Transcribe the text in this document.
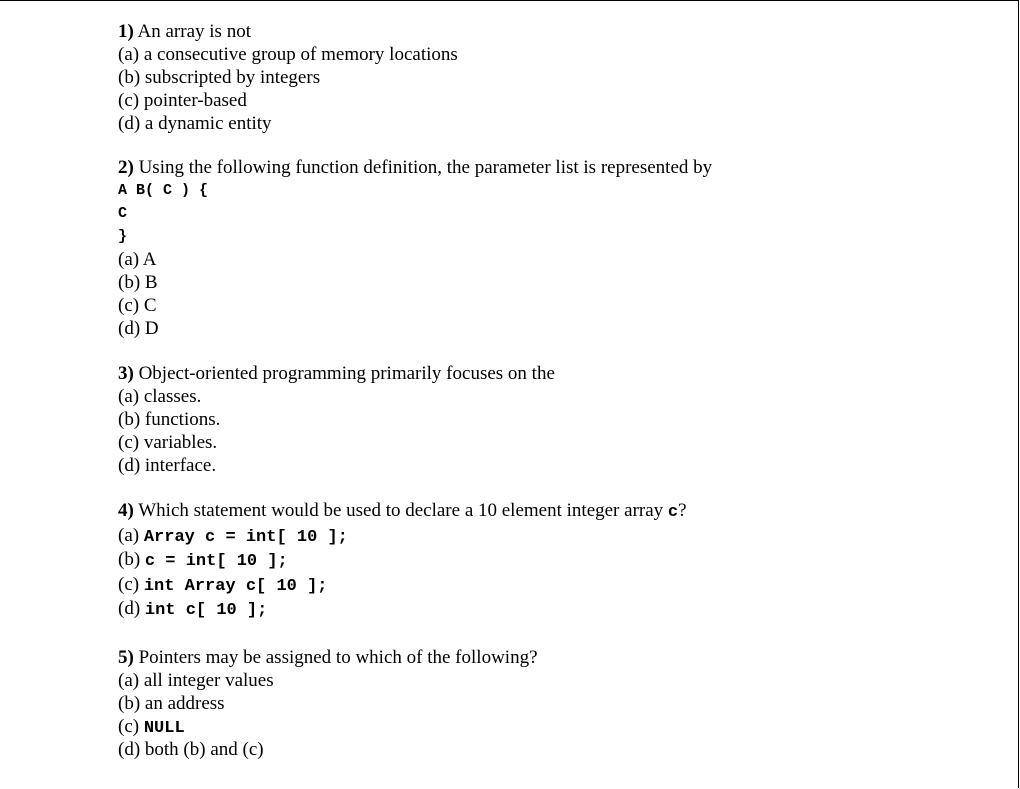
1) An array is not
(a) a consecutive group of memory locations
(b) subscripted by integers
(c) pointer-based
(d) a dynamic entity
2) Using the following function definition, the parameter list is represented by
A B( C ) {
C
}
(a) A
(b) B
(c) C
(d) D
3) Object-oriented programming primarily focuses on the
(a) classes.
(b) functions.
(c) variables.
(d) interface.
4) Which statement would be used to declare a 10 element integer array c?
(a) Array c = int[ 10 ];
(b) c = int[ 10 ];
(c) int Array c[ 10 ];
(d) int c[ 10 ];
5) Pointers may be assigned to which of the following?
(a) all integer values
(b) an address
(c) NULL
(d) both (b) and (c)
